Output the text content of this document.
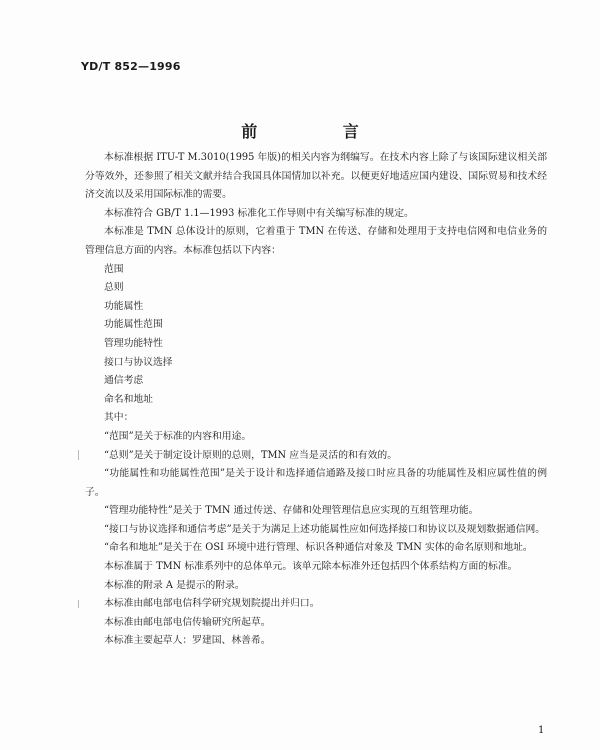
YD/T 852—1996
前 言

本标准根据 ITU-T M.3010(1995 年版)的相关内容为纲编写。在技术内容上除了与该国际建议相关部分等效外，还参照了相关文献并结合我国具体国情加以补充。以便更好地适应国内建设、国际贸易和技术经济交流以及采用国际标准的需要。

本标准符合 GB/T 1.1—1993 标准化工作导则中有关编写标准的规定。

本标准是 TMN 总体设计的原则，它着重于 TMN 在传送、存储和处理用于支持电信网和电信业务的管理信息方面的内容。本标准包括以下内容：

范围

总则

功能属性

功能属性范围

管理功能特性

接口与协议选择

通信考虑

命名和地址

其中：

“范围”是关于标准的内容和用途。

“总则”是关于制定设计原则的总则，TMN 应当是灵活的和有效的。

“功能属性和功能属性范围”是关于设计和选择通信通路及接口时应具备的功能属性及相应属性值的例子。

“管理功能特性”是关于 TMN 通过传送、存储和处理管理信息应实现的互组管理功能。

“接口与协议选择和通信考虑”是关于为满足上述功能属性应如何选择接口和协议以及规划数据通信网。

“命名和地址”是关于在 OSI 环境中进行管理、标识各种通信对象及 TMN 实体的命名原则和地址。

本标准属于 TMN 标准系列中的总体单元。该单元除本标准外还包括四个体系结构方面的标准。

本标准的附录 A 是提示的附录。

本标准由邮电部电信科学研究规划院提出并归口。

本标准由邮电部电信传输研究所起草。

本标准主要起草人：罗建国、林善希。

1
